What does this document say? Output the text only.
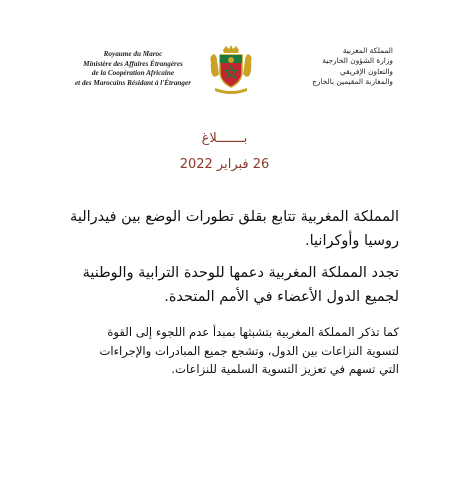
Royaume du Maroc
Ministère des Affaires Étrangères
de la Coopération Africaine
et des Marocains Résidant à l'Étranger
المملكة المغربية
وزارة الشؤون الخارجية
والتعاون الإفريقي
والمغاربة المقيمين بالخارج
بـــــــلاغ
26 فبراير 2022
المملكة المغربية تتابع بقلق تطورات الوضع بين فيدرالية
روسيا وأوكرانيا.
تجدد المملكة المغربية دعمها للوحدة الترابية والوطنية
لجميع الدول الأعضاء في الأمم المتحدة.
كما تذكر المملكة المغربية بتشبثها بمبدأ عدم اللجوء إلى القوة
لتسوية النزاعات بين الدول، وتشجع جميع المبادرات والإجراءات
التي تسهم في تعزيز التسوية السلمية للنزاعات.
